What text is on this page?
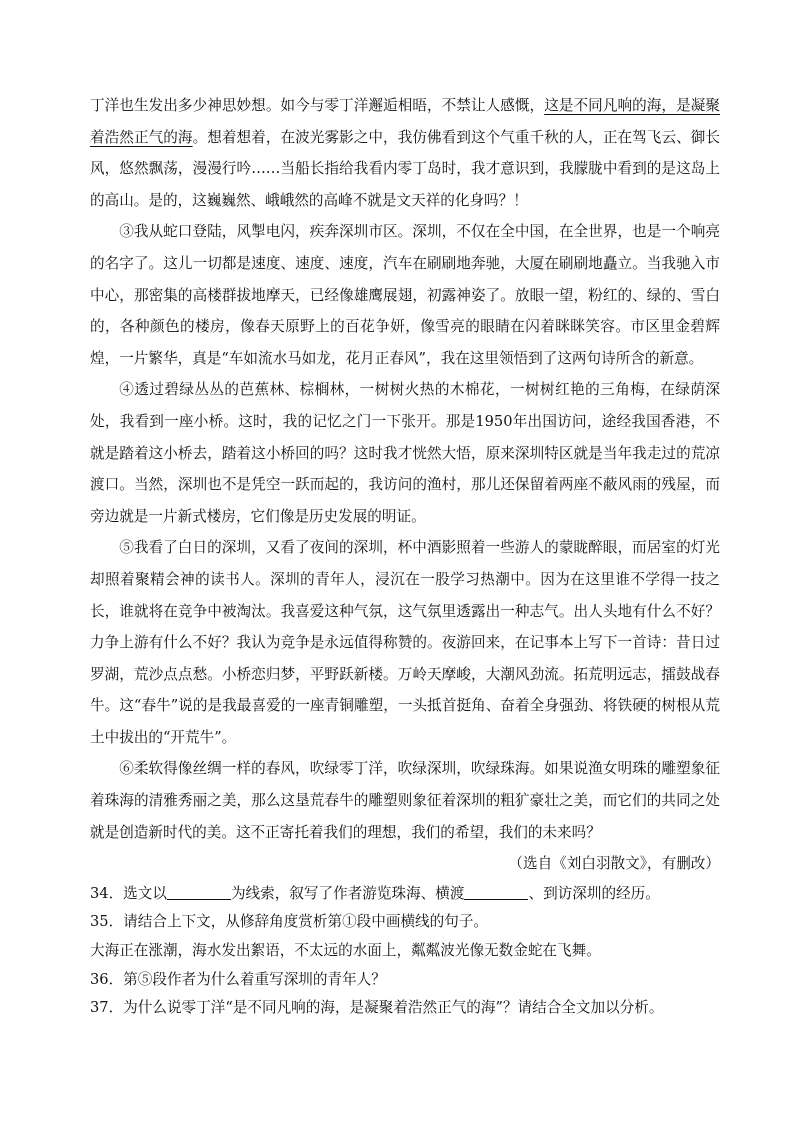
丁洋也生发出多少神思妙想。如今与零丁洋邂逅相晤，不禁让人感慨，这是不同凡响的海，是凝聚着浩然正气的海。想着想着，在波光雾影之中，我仿佛看到这个气重千秋的人，正在驾飞云、御长风，悠然飘荡，漫漫行吟……当船长指给我看内零丁岛时，我才意识到，我朦胧中看到的是这岛上的高山。是的，这巍巍然、峨峨然的高峰不就是文天祥的化身吗？！

③我从蛇口登陆，风掣电闪，疾奔深圳市区。深圳，不仅在全中国，在全世界，也是一个响亮的名字了。这儿一切都是速度、速度、速度，汽车在刷刷地奔驰，大厦在刷刷地矗立。当我驰入市中心，那密集的高楼群拔地摩天，已经像雄鹰展翅，初露神姿了。放眼一望，粉红的、绿的、雪白的，各种颜色的楼房，像春天原野上的百花争妍，像雪亮的眼睛在闪着眯眯笑容。市区里金碧辉煌，一片繁华，真是“车如流水马如龙，花月正春风”，我在这里领悟到了这两句诗所含的新意。

④透过碧绿丛丛的芭蕉林、棕榈林，一树树火热的木棉花，一树树红艳的三角梅，在绿荫深处，我看到一座小桥。这时，我的记忆之门一下张开。那是1950年出国访问，途经我国香港，不就是踏着这小桥去，踏着这小桥回的吗？这时我才恍然大悟，原来深圳特区就是当年我走过的荒凉渡口。当然，深圳也不是凭空一跃而起的，我访问的渔村，那儿还保留着两座不蔽风雨的残屋，而旁边就是一片新式楼房，它们像是历史发展的明证。

⑤我看了白日的深圳，又看了夜间的深圳，杯中酒影照着一些游人的蒙眬醉眼，而居室的灯光却照着聚精会神的读书人。深圳的青年人，浸沉在一股学习热潮中。因为在这里谁不学得一技之长，谁就将在竞争中被淘汰。我喜爱这种气氛，这气氛里透露出一种志气。出人头地有什么不好？力争上游有什么不好？我认为竞争是永远值得称赞的。夜游回来，在记事本上写下一首诗：昔日过罗湖，荒沙点点愁。小桥恋归梦，平野跃新楼。万岭天摩峻，大潮风劲流。拓荒明远志，擂鼓战春牛。这“春牛”说的是我最喜爱的一座青铜雕塑，一头抵首挺角、奋着全身强劲、将铁硬的树根从荒土中拔出的“开荒牛”。

⑥柔软得像丝绸一样的春风，吹绿零丁洋，吹绿深圳，吹绿珠海。如果说渔女明珠的雕塑象征着珠海的清雅秀丽之美，那么这垦荒春牛的雕塑则象征着深圳的粗犷豪壮之美，而它们的共同之处就是创造新时代的美。这不正寄托着我们的理想，我们的希望，我们的未来吗？

（选自《刘白羽散文》，有删改）

34．选文以	为线索，叙写了作者游览珠海、横渡	、到访深圳的经历。

35．请结合上下文，从修辞角度赏析第①段中画横线的句子。

大海正在涨潮，海水发出絮语，不太远的水面上，粼粼波光像无数金蛇在飞舞。

36．第⑤段作者为什么着重写深圳的青年人？

37．为什么说零丁洋“是不同凡响的海，是凝聚着浩然正气的海”？请结合全文加以分析。
